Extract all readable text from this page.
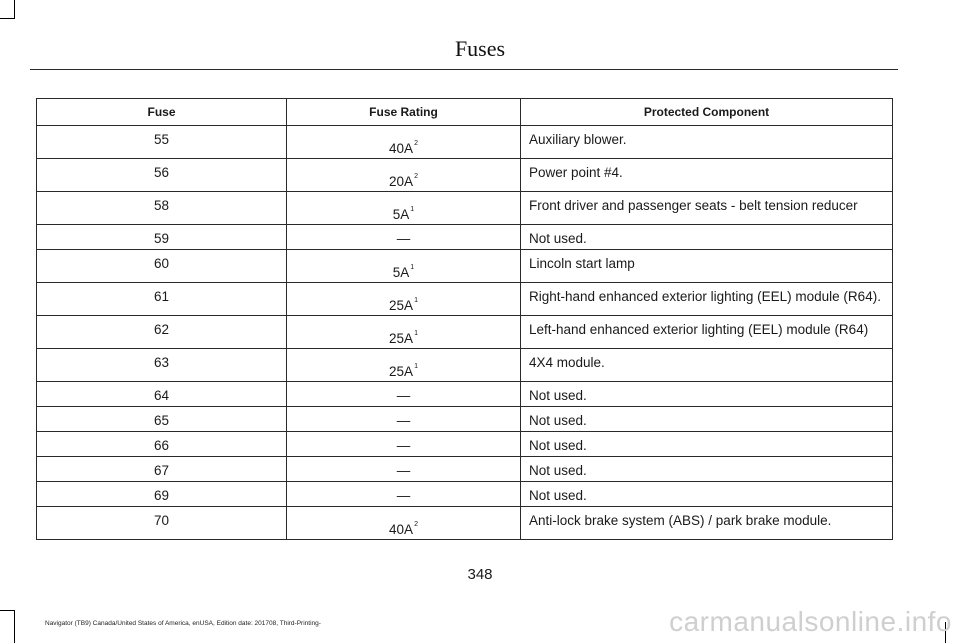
Fuses
Fuse	Fuse Rating	Protected Component

55	$40A^2$	Auxiliary blower.

56	$20A^2$	Power point #4.

58	$5A^1$	Front driver and passenger seats - belt tension reducer

59	—	Not used.

60	$5A^1$	Lincoln start lamp

61	$25A^1$	Right-hand enhanced exterior lighting (EEL) module (R64).

62	$25A^1$	Left-hand enhanced exterior lighting (EEL) module (R64)

63	$25A^1$	4X4 module.

64	—	Not used.

65	—	Not used.

66	—	Not used.

67	—	Not used.

69	—	Not used.

70	$40A^2$	Anti-lock brake system (ABS) / park brake module.
348
Navigator (TB9) Canada/United States of America, enUSA, Edition date: 201708, Third-Printing-	carmanualsonline.info
